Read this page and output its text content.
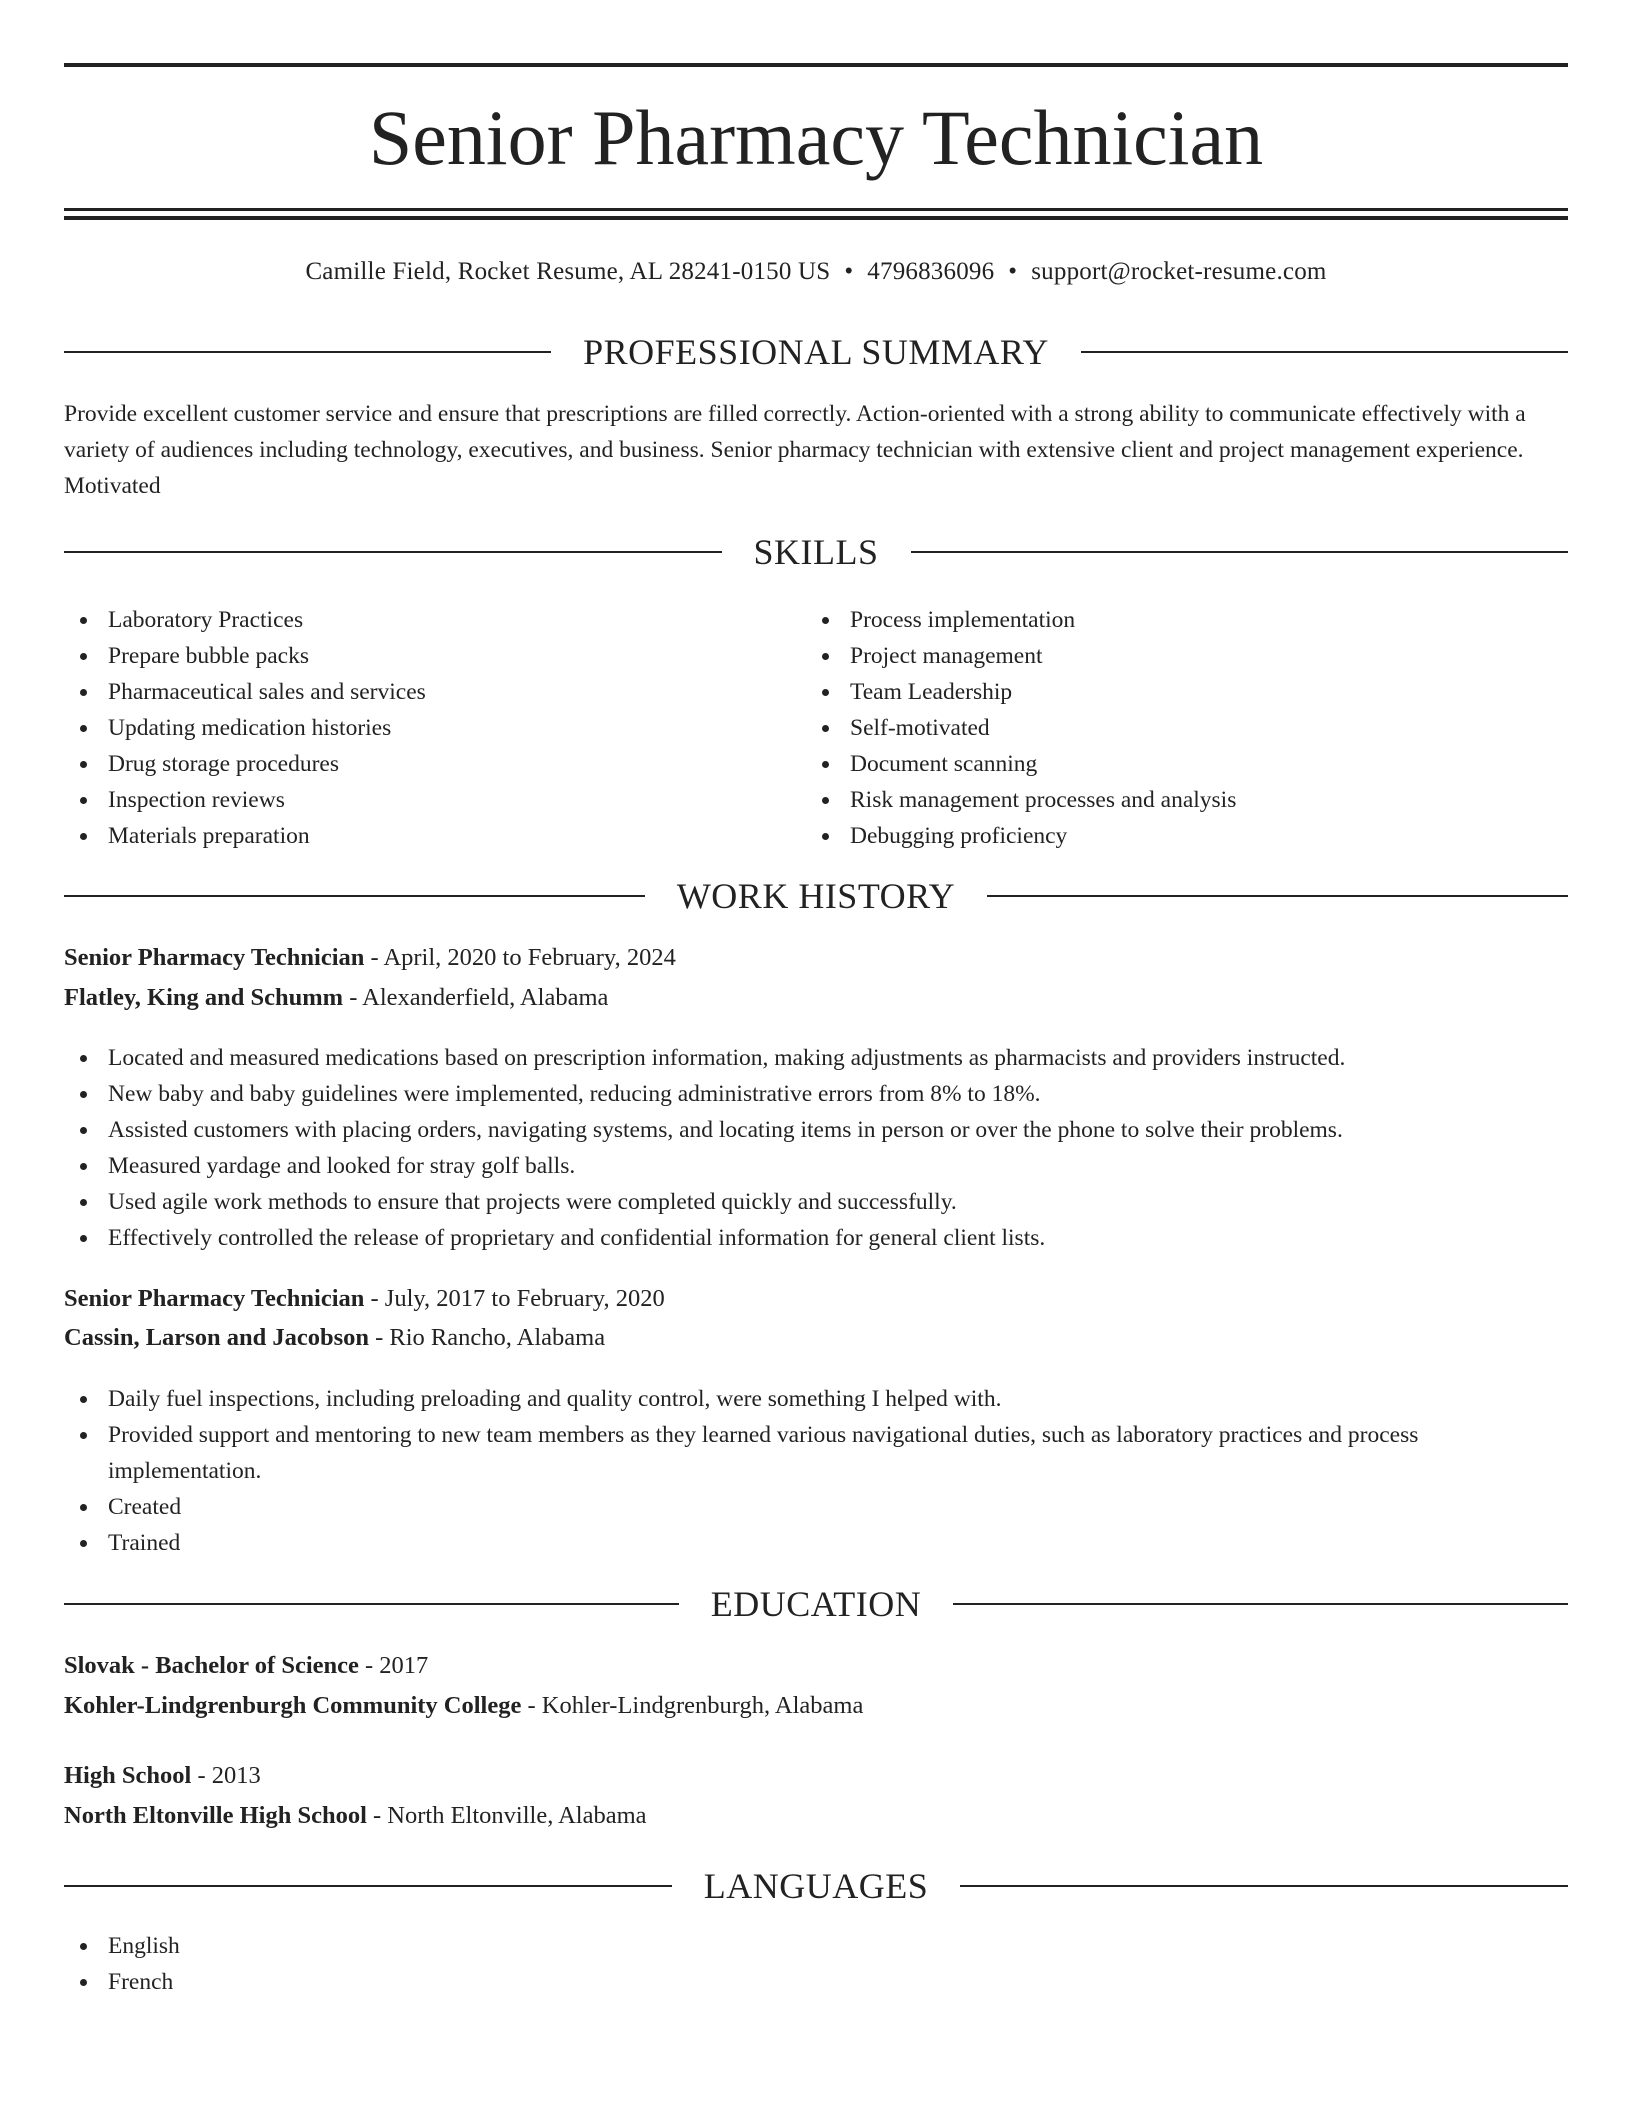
Senior Pharmacy Technician
Camille Field, Rocket Resume, AL 28241-0150 US • 4796836096 • support@rocket-resume.com
PROFESSIONAL SUMMARY
Provide excellent customer service and ensure that prescriptions are filled correctly. Action-oriented with a strong ability to communicate effectively with a variety of audiences including technology, executives, and business. Senior pharmacy technician with extensive client and project management experience. Motivated
SKILLS
Laboratory Practices
Prepare bubble packs
Pharmaceutical sales and services
Updating medication histories
Drug storage procedures
Inspection reviews
Materials preparation
Process implementation
Project management
Team Leadership
Self-motivated
Document scanning
Risk management processes and analysis
Debugging proficiency
WORK HISTORY
Senior Pharmacy Technician - April, 2020 to February, 2024
Flatley, King and Schumm - Alexanderfield, Alabama
Located and measured medications based on prescription information, making adjustments as pharmacists and providers instructed.
New baby and baby guidelines were implemented, reducing administrative errors from 8% to 18%.
Assisted customers with placing orders, navigating systems, and locating items in person or over the phone to solve their problems.
Measured yardage and looked for stray golf balls.
Used agile work methods to ensure that projects were completed quickly and successfully.
Effectively controlled the release of proprietary and confidential information for general client lists.
Senior Pharmacy Technician - July, 2017 to February, 2020
Cassin, Larson and Jacobson - Rio Rancho, Alabama
Daily fuel inspections, including preloading and quality control, were something I helped with.
Provided support and mentoring to new team members as they learned various navigational duties, such as laboratory practices and process implementation.
Created
Trained
EDUCATION
Slovak - Bachelor of Science - 2017
Kohler-Lindgrenburgh Community College - Kohler-Lindgrenburgh, Alabama
High School - 2013
North Eltonville High School - North Eltonville, Alabama
LANGUAGES
English
French
